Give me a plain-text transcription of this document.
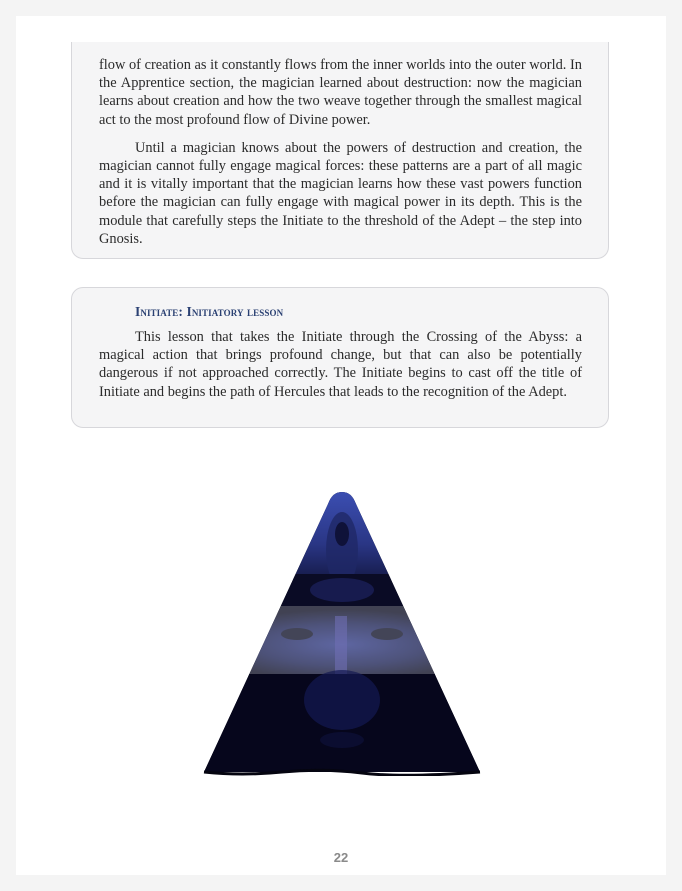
flow of creation as it constantly flows from the inner worlds into the outer world. In the Apprentice section, the magician learned about destruction: now the magician learns about creation and how the two weave together through the smallest magical act to the most profound flow of Divine power.

Until a magician knows about the powers of destruction and creation, the magician cannot fully engage magical forces: these patterns are a part of all magic and it is vitally important that the magician learns how these vast powers function before the magician can fully engage with magical power in its depth. This is the module that carefully steps the Initiate to the threshold of the Adept – the step into Gnosis.

Initiate: Initiatory lesson

This lesson that takes the Initiate through the Crossing of the Abyss: a magical action that brings profound change, but that can also be potentially dangerous if not approached correctly. The Initiate begins to cast off the title of Initiate and begins the path of Hercules that leads to the recognition of the Adept.

22
